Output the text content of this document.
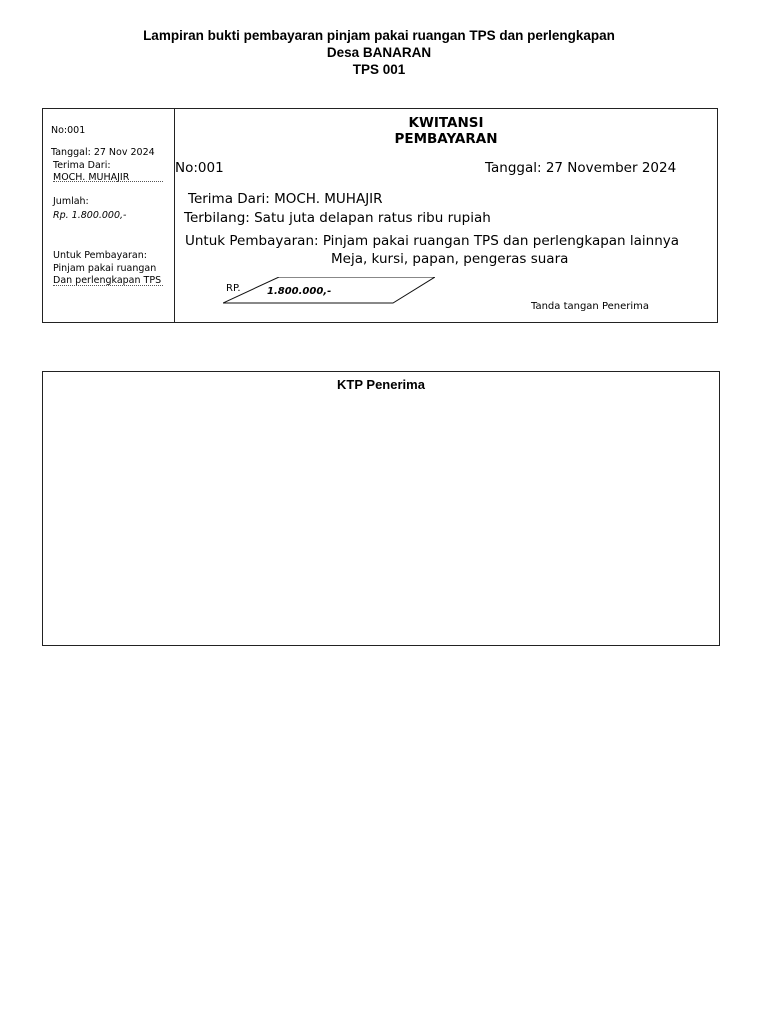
Lampiran bukti pembayaran pinjam pakai ruangan TPS dan perlengkapan
Desa BANARAN
TPS 001
No:001
Tanggal: 27 Nov 2024
Terima Dari:
MOCH. MUHAJIR
Jumlah:
Rp. 1.800.000,-
Untuk Pembayaran:
Pinjam pakai ruangan
Dan perlengkapan TPS
KWITANSI
PEMBAYARAN
No:001	Tanggal: 27 November 2024
Terima Dari: MOCH. MUHAJIR
Terbilang: Satu juta delapan ratus ribu rupiah
Untuk Pembayaran: Pinjam pakai ruangan TPS dan perlengkapan lainnya
Meja, kursi, papan, pengeras suara
RP.	1.800.000,-
Tanda tangan Penerima
KTP Penerima
